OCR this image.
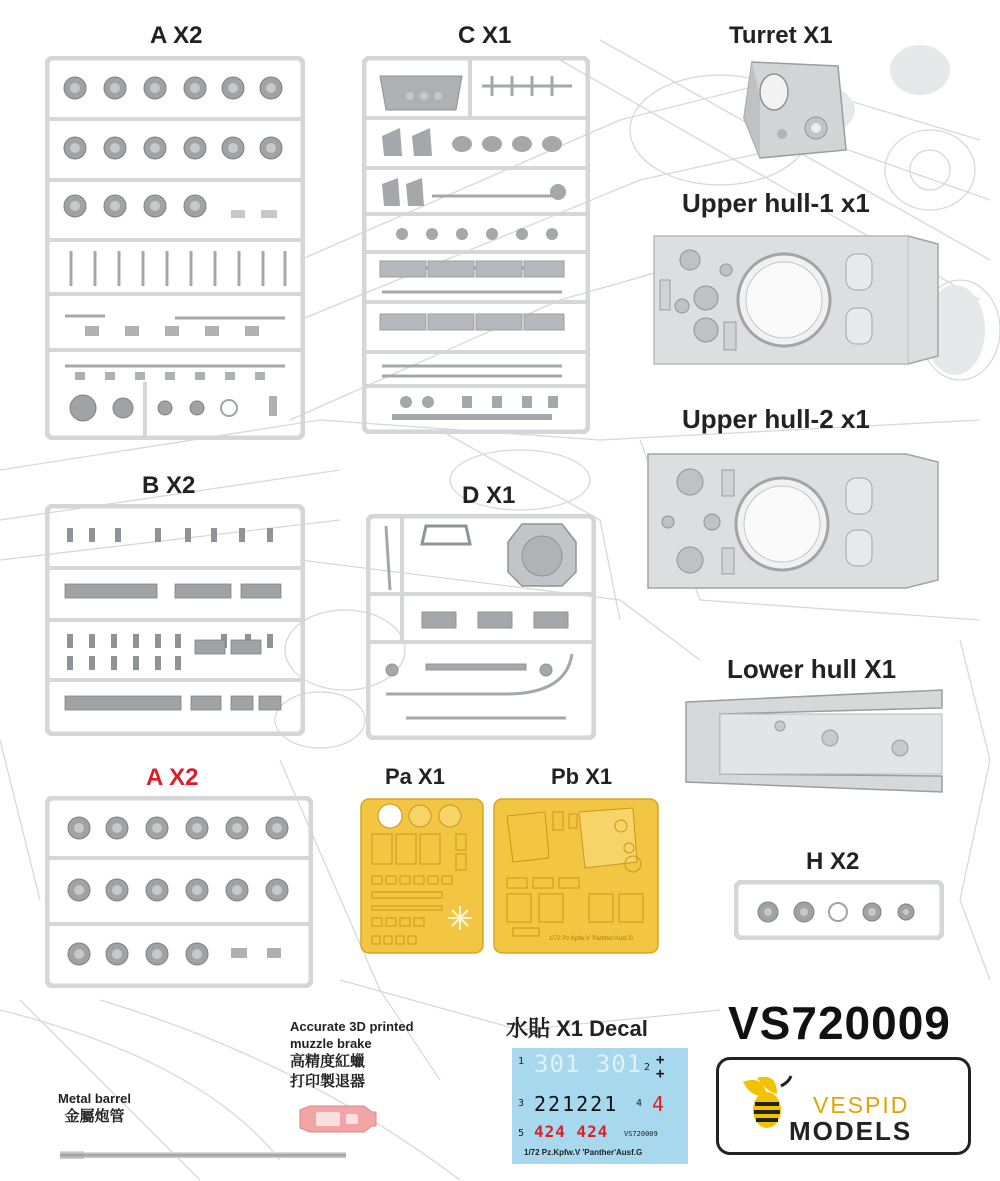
A X2	C X1	Turret X1
Upper hull-1 x1
Upper hull-2 x1
B X2	D X1
Lower hull X1
A X2	Pa X1	Pb X1
H X2
1/72 Pz.Kpfw.V 'Panther'Ausf.G
Accurate 3D printed
muzzle brake
高精度紅蠟
打印製退器
Metal barrel
金屬炮管
水貼 X1 Decal
1 301 301 2 +
+
3 221221 4 4
5 424 424 VS720009
1/72 Pz.Kpfw.V 'Panther'Ausf.G
VS720009
VESPID
MODELS
